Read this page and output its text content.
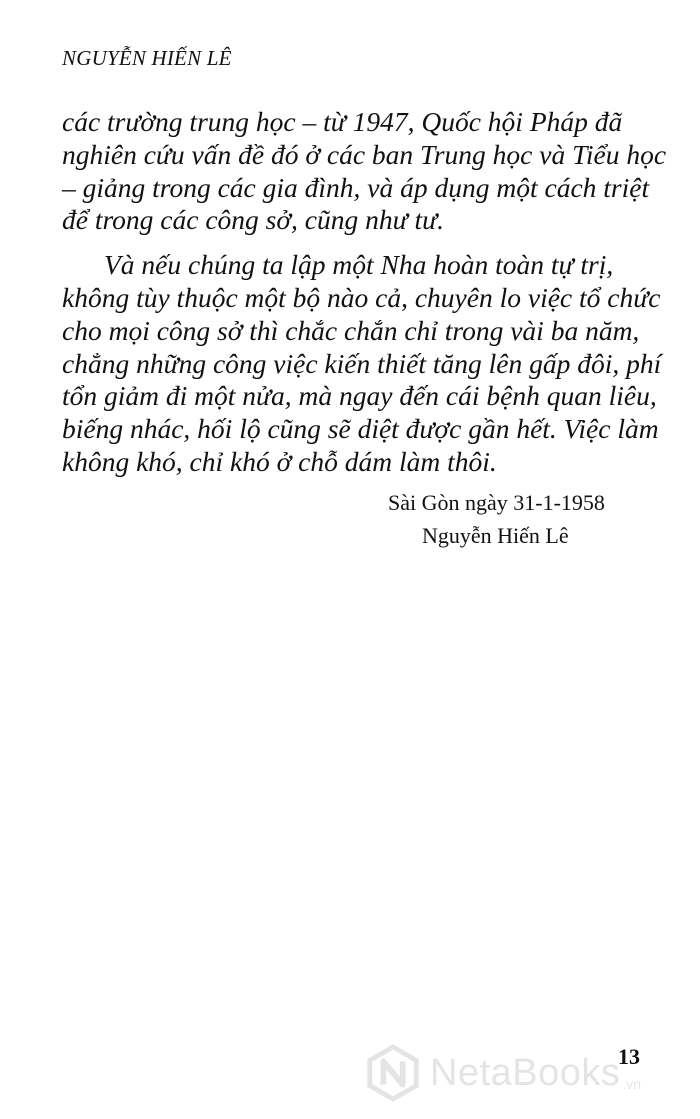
NGUYỄN HIẾN LÊ
các trường trung học – từ 1947, Quốc hội Pháp đã
nghiên cứu vấn đề đó ở các ban Trung học và Tiểu học
– giảng trong các gia đình, và áp dụng một cách triệt
để trong các công sở, cũng như tư.
Và nếu chúng ta lập một Nha hoàn toàn tự trị,
không tùy thuộc một bộ nào cả, chuyên lo việc tổ chức
cho mọi công sở thì chắc chắn chỉ trong vài ba năm,
chẳng những công việc kiến thiết tăng lên gấp đôi, phí
tổn giảm đi một nửa, mà ngay đến cái bệnh quan liêu,
biếng nhác, hối lộ cũng sẽ diệt được gần hết. Việc làm
không khó, chỉ khó ở chỗ dám làm thôi.
Sài Gòn ngày 31-1-1958
Nguyễn Hiến Lê
NetaBooks .vn
13
